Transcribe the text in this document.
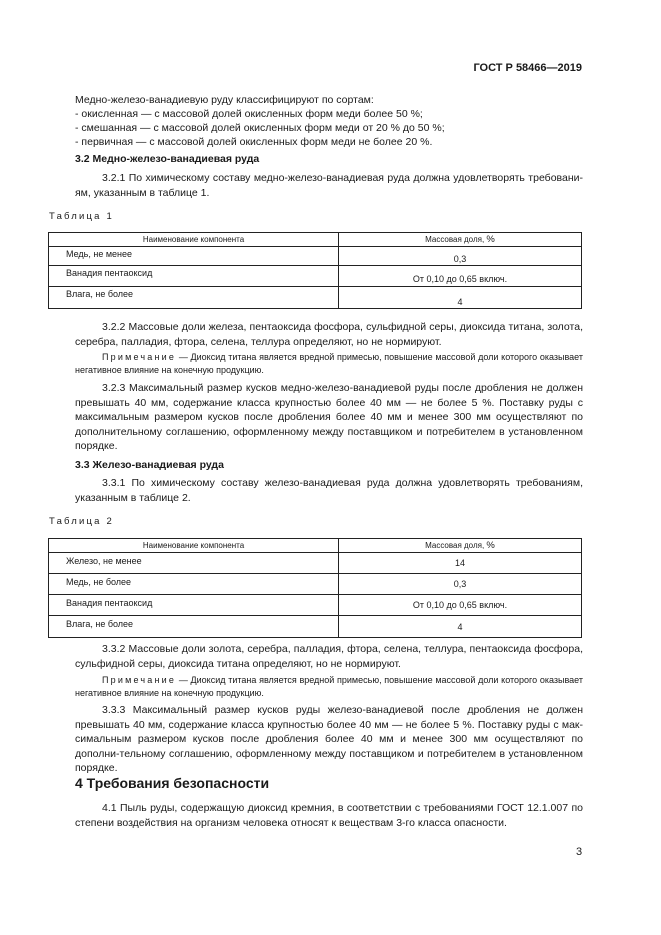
ГОСТ Р 58466—2019

Медно-железо-ванадиевую руду классифицируют по сортам:

- окисленная — с массовой долей окисленных форм меди более 50 %;

- смешанная — с массовой долей окисленных форм меди от 20 % до 50 %;

- первичная — с массовой долей окисленных форм меди не более 20 %.

3.2 Медно-железо-ванадиевая руда

3.2.1 По химическому составу медно-железо-ванадиевая руда должна удовлетворять требовани-ям, указанным в таблице 1.

Таблица 1
Наименование компонента	Массовая доля, %
Медь, не менее	0,3
Ванадия пентаоксид	От 0,10 до 0,65 включ.
Влага, не более	4

3.2.2 Массовые доли железа, пентаоксида фосфора, сульфидной серы, диоксида титана, золота, серебра, палладия, фтора, селена, теллура определяют, но не нормируют.

Примечание — Диоксид титана является вредной примесью, повышение массовой доли которого оказывает негативное влияние на конечную продукцию.

3.2.3 Максимальный размер кусков медно-железо-ванадиевой руды после дробления не должен превышать 40 мм, содержание класса крупностью более 40 мм — не более 5 %. Поставку руды с максимальным размером кусков после дробления более 40 мм и менее 300 мм осуществляют по дополнительному соглашению, оформленному между поставщиком и потребителем в установленном порядке.

3.3 Железо-ванадиевая руда

3.3.1 По химическому составу железо-ванадиевая руда должна удовлетворять требованиям, указанным в таблице 2.

Таблица 2
Наименование компонента	Массовая доля, %
Железо, не менее	14
Медь, не более	0,3
Ванадия пентаоксид	От 0,10 до 0,65 включ.
Влага, не более	4

3.3.2 Массовые доли золота, серебра, палладия, фтора, селена, теллура, пентаоксида фосфора, сульфидной серы, диоксида титана определяют, но не нормируют.

Примечание — Диоксид титана является вредной примесью, повышение массовой доли которого оказывает негативное влияние на конечную продукцию.

3.3.3 Максимальный размер кусков руды железо-ванадиевой после дробления не должен превышать 40 мм, содержание класса крупностью более 40 мм — не более 5 %. Поставку руды с мак-симальным размером кусков после дробления более 40 мм и менее 300 мм осуществляют по дополни-тельному соглашению, оформленному между поставщиком и потребителем в установленном порядке.

4 Требования безопасности

4.1 Пыль руды, содержащую диоксид кремния, в соответствии с требованиями ГОСТ 12.1.007 по степени воздействия на организм человека относят к веществам 3-го класса опасности.

3
